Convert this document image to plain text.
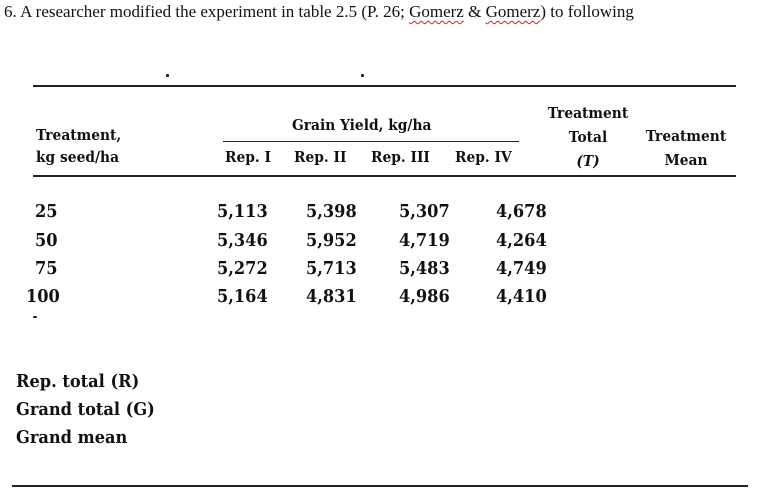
6. A researcher modified the experiment in table 2.5 (P. 26; Gomerz & Gomerz) to following
Treatment,
kg seed/ha
Grain Yield, kg/ha
Rep. I Rep. II Rep. III Rep. IV
Treatment
Total
(T)
Treatment
Mean
25
50
75
100
5,113
5,346
5,272
5,164
5,398
5,952
5,713
4,831
5,307
4,719
5,483
4,986
4,678
4,264
4,749
4,410
Rep. total (R)
Grand total (G)
Grand mean
